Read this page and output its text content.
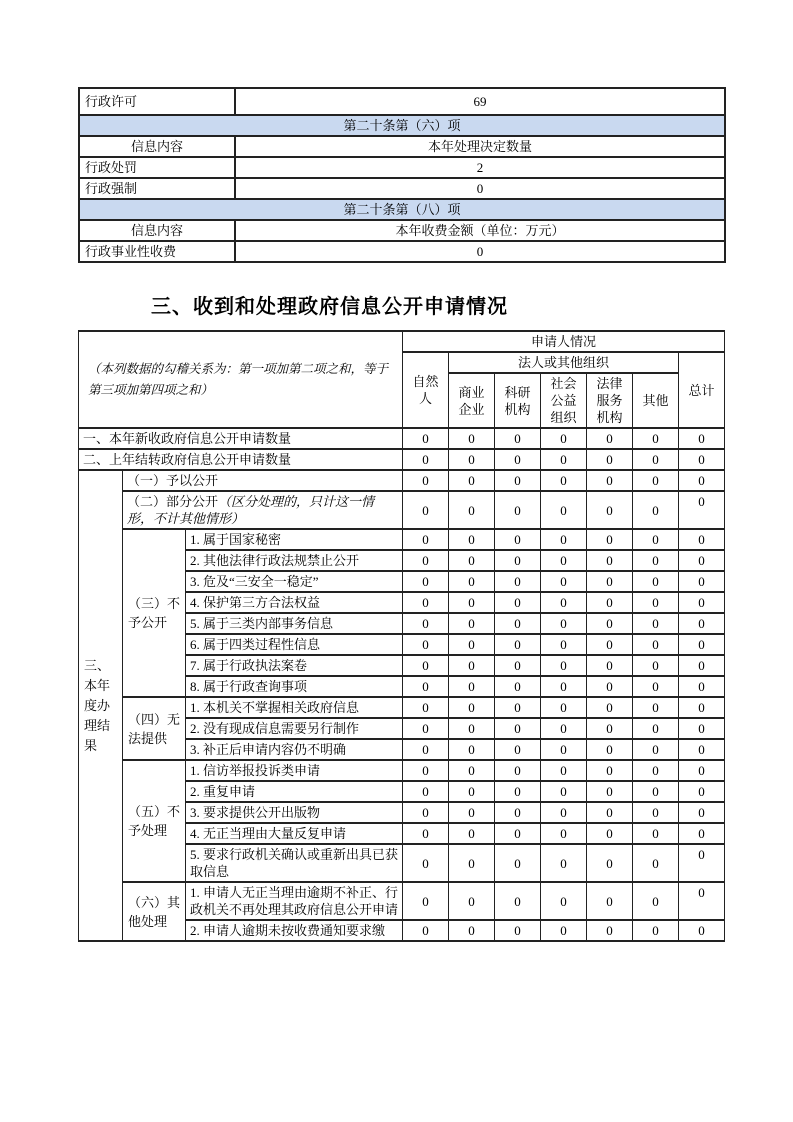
行政许可	69
第二十条第（六）项	
信息内容	本年处理决定数量
行政处罚	2
行政强制	0
第二十条第（八）项	
信息内容	本年收费金额（单位：万元）
行政事业性收费	0
三、收到和处理政府信息公开申请情况
（本列数据的勾稽关系为：第一项加第二项之和，等于第三项加第四项之和）			申请人情况						
			自然人	法人或其他组织					总计
				商业企业	科研机构	社会公益组织	法律服务机构	其他	
一、本年新收政府信息公开申请数量			0	0	0	0	0	0	0
二、上年结转政府信息公开申请数量			0	0	0	0	0	0	0
三、本年度办理结果	（一）予以公开		0	0	0	0	0	0	0
	（二）部分公开（区分处理的，只计这一情形，不计其他情形）		0	0	0	0	0	0	0
	（三）不予公开	1. 属于国家秘密	0	0	0	0	0	0	0
		2. 其他法律行政法规禁止公开	0	0	0	0	0	0	0
		3. 危及“三安全一稳定”	0	0	0	0	0	0	0
		4. 保护第三方合法权益	0	0	0	0	0	0	0
		5. 属于三类内部事务信息	0	0	0	0	0	0	0
		6. 属于四类过程性信息	0	0	0	0	0	0	0
		7. 属于行政执法案卷	0	0	0	0	0	0	0
		8. 属于行政查询事项	0	0	0	0	0	0	0
	（四）无法提供	1. 本机关不掌握相关政府信息	0	0	0	0	0	0	0
		2. 没有现成信息需要另行制作	0	0	0	0	0	0	0
		3. 补正后申请内容仍不明确	0	0	0	0	0	0	0
	（五）不予处理	1. 信访举报投诉类申请	0	0	0	0	0	0	0
		2. 重复申请	0	0	0	0	0	0	0
		3. 要求提供公开出版物	0	0	0	0	0	0	0
		4. 无正当理由大量反复申请	0	0	0	0	0	0	0
		5. 要求行政机关确认或重新出具已获取信息	0	0	0	0	0	0	0
	（六）其他处理	1. 申请人无正当理由逾期不补正、行政机关不再处理其政府信息公开申请	0	0	0	0	0	0	0
		2. 申请人逾期未按收费通知要求缴	0	0	0	0	0	0	0
